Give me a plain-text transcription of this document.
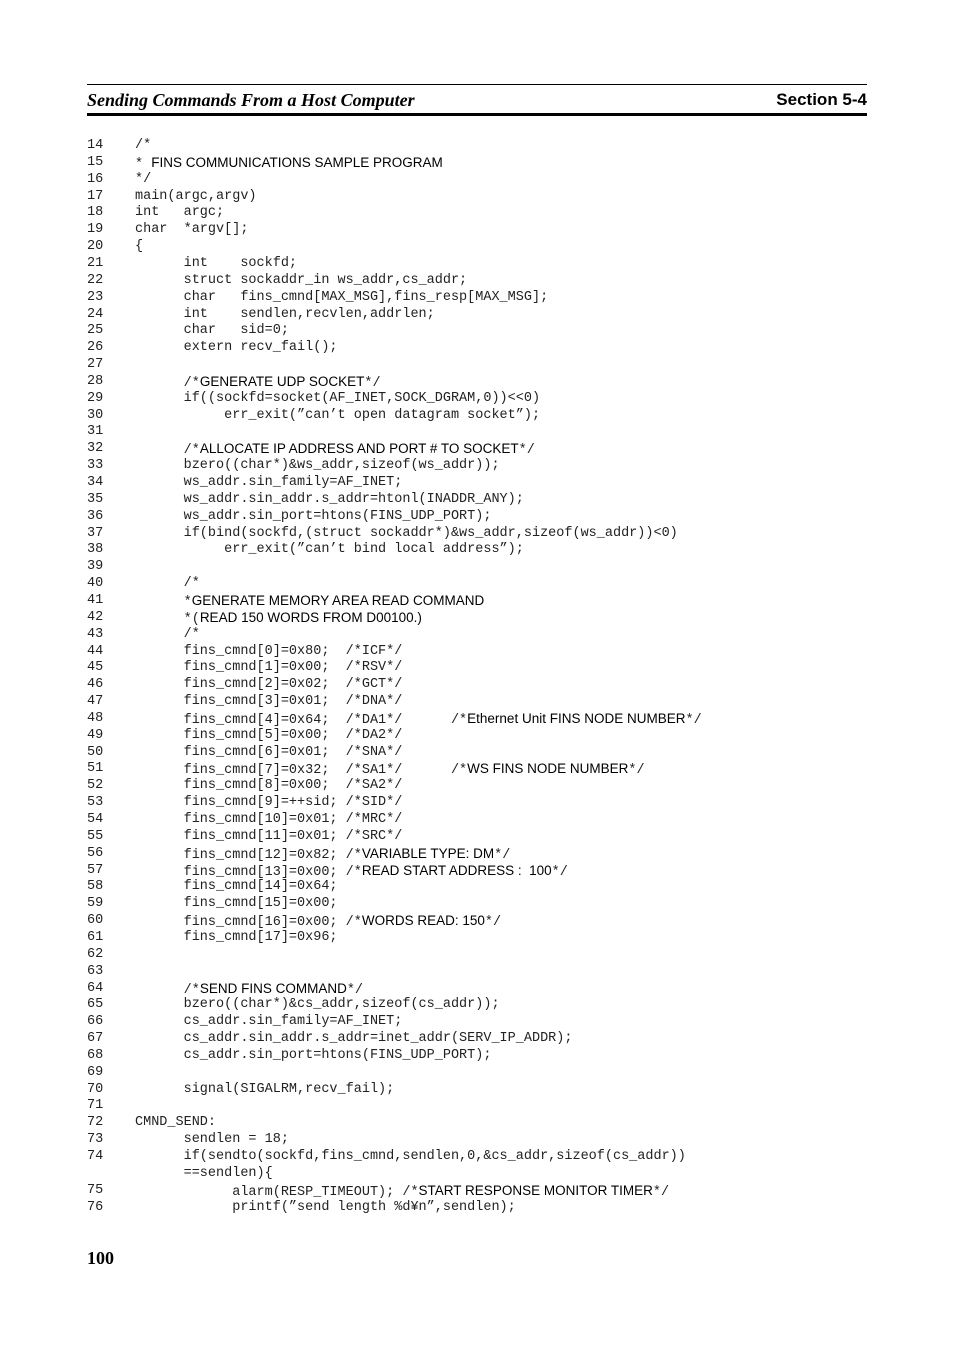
Sending Commands From a Host Computer	Section 5-4
14	/*
15	* FINS COMMUNICATIONS SAMPLE PROGRAM
16	*/
17	main(argc,argv)
18	int   argc;
19	char  *argv[];
20	{
21	int    sockfd;
22	struct sockaddr_in ws_addr,cs_addr;
23	char   fins_cmnd[MAX_MSG],fins_resp[MAX_MSG];
24	int    sendlen,recvlen,addrlen;
25	char   sid=0;
26	extern recv_fail();
27
28	/*GENERATE UDP SOCKET*/
29	if((sockfd=socket(AF_INET,SOCK_DGRAM,0))<<0)
30	err_exit(”can’t open datagram socket”);
31
32	/*ALLOCATE IP ADDRESS AND PORT # TO SOCKET*/
33	bzero((char*)&ws_addr,sizeof(ws_addr));
34	ws_addr.sin_family=AF_INET;
35	ws_addr.sin_addr.s_addr=htonl(INADDR_ANY);
36	ws_addr.sin_port=htons(FINS_UDP_PORT);
37	if(bind(sockfd,(struct sockaddr*)&ws_addr,sizeof(ws_addr))<0)
38	err_exit(”can’t bind local address”);
39
40	/*
41	*GENERATE MEMORY AREA READ COMMAND
42	*(READ 150 WORDS FROM D00100.)
43	/*
44	fins_cmnd[0]=0x80;  /*ICF*/
45	fins_cmnd[1]=0x00;  /*RSV*/
46	fins_cmnd[2]=0x02;  /*GCT*/
47	fins_cmnd[3]=0x01;  /*DNA*/
48	fins_cmnd[4]=0x64;  /*DA1*/      /*Ethernet Unit FINS NODE NUMBER*/
49	fins_cmnd[5]=0x00;  /*DA2*/
50	fins_cmnd[6]=0x01;  /*SNA*/
51	fins_cmnd[7]=0x32;  /*SA1*/      /*WS FINS NODE NUMBER*/
52	fins_cmnd[8]=0x00;  /*SA2*/
53	fins_cmnd[9]=++sid; /*SID*/
54	fins_cmnd[10]=0x01; /*MRC*/
55	fins_cmnd[11]=0x01; /*SRC*/
56	fins_cmnd[12]=0x82; /*VARIABLE TYPE: DM*/
57	fins_cmnd[13]=0x00; /*READ START ADDRESS :  100*/
58	fins_cmnd[14]=0x64;
59	fins_cmnd[15]=0x00;
60	fins_cmnd[16]=0x00; /*WORDS READ: 150*/
61	fins_cmnd[17]=0x96;
62
63
64	/*SEND FINS COMMAND*/
65	bzero((char*)&cs_addr,sizeof(cs_addr));
66	cs_addr.sin_family=AF_INET;
67	cs_addr.sin_addr.s_addr=inet_addr(SERV_IP_ADDR);
68	cs_addr.sin_port=htons(FINS_UDP_PORT);
69
70	signal(SIGALRM,recv_fail);
71
72	CMND_SEND:
73	sendlen = 18;
74	if(sendto(sockfd,fins_cmnd,sendlen,0,&cs_addr,sizeof(cs_addr))
==sendlen){
75	alarm(RESP_TIMEOUT); /*START RESPONSE MONITOR TIMER*/
76	printf(”send length %d¥n”,sendlen);
100
